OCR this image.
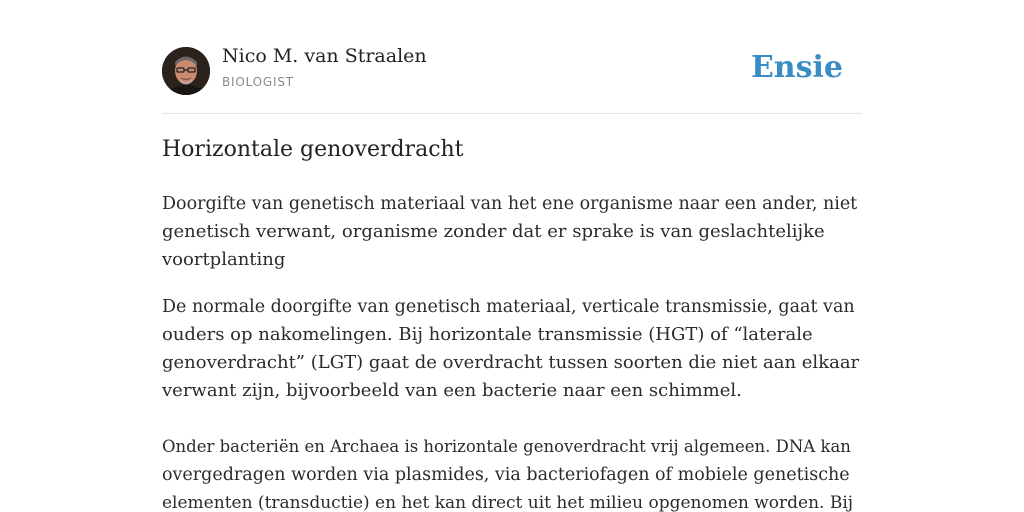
Nico M. van Straalen
BIOLOGIST	Ensie
Horizontale genoverdracht

Doorgifte van genetisch materiaal van het ene organisme naar een ander, niet
genetisch verwant, organisme zonder dat er sprake is van geslachtelijke
voortplanting

De normale doorgifte van genetisch materiaal, verticale transmissie, gaat van
ouders op nakomelingen. Bij horizontale transmissie (HGT) of “laterale
genoverdracht” (LGT) gaat de overdracht tussen soorten die niet aan elkaar
verwant zijn, bijvoorbeeld van een bacterie naar een schimmel.

Onder bacteriën en Archaea is horizontale genoverdracht vrij algemeen. DNA kan
overgedragen worden via plasmides, via bacteriofagen of mobiele genetische
elementen (transductie) en het kan direct uit het milieu opgenomen worden. Bij
